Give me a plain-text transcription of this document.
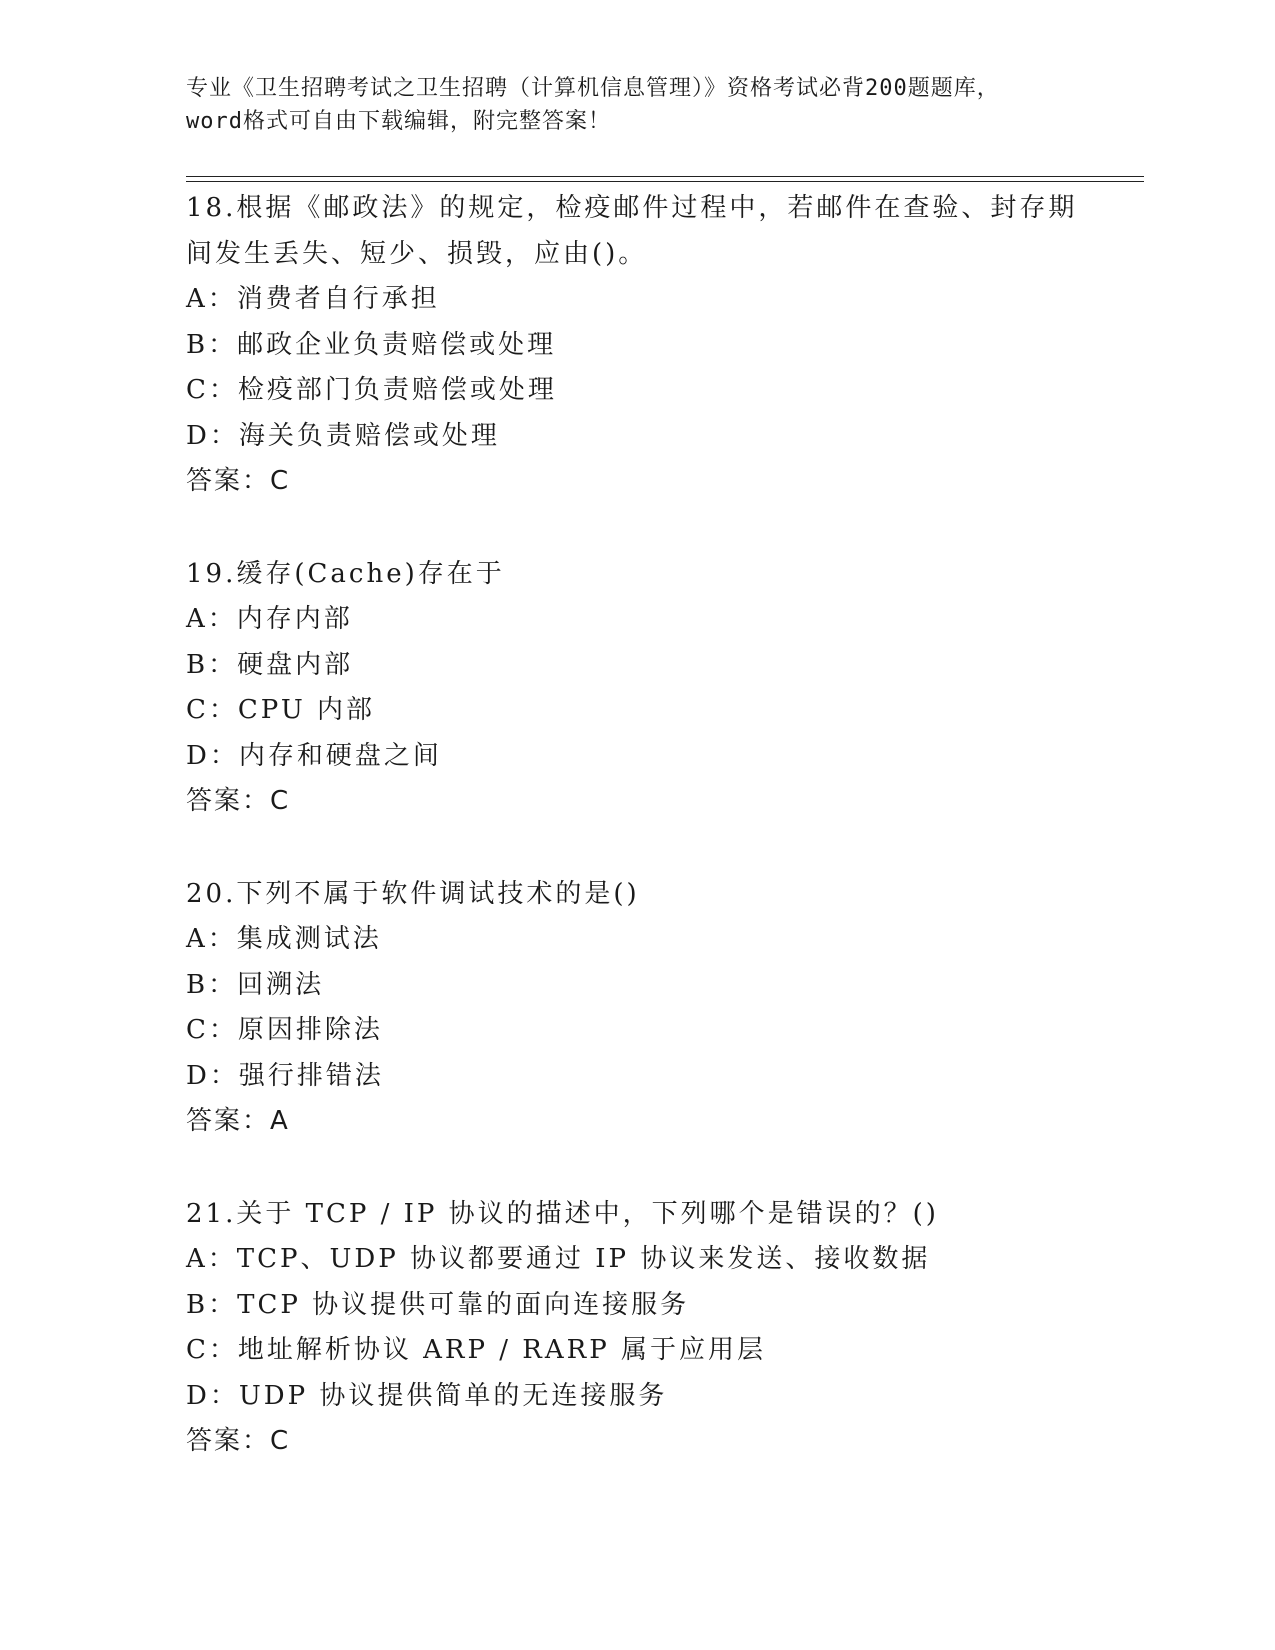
专业《卫生招聘考试之卫生招聘（计算机信息管理）》资格考试必背200题题库，
word格式可自由下载编辑，附完整答案！
18.根据《邮政法》的规定，检疫邮件过程中，若邮件在查验、封存期
间发生丢失、短少、损毁，应由()。
A：消费者自行承担
B：邮政企业负责赔偿或处理
C：检疫部门负责赔偿或处理
D：海关负责赔偿或处理
答案：C
19.缓存(Cache)存在于
A：内存内部
B：硬盘内部
C：CPU 内部
D：内存和硬盘之间
答案：C
20.下列不属于软件调试技术的是()
A：集成测试法
B：回溯法
C：原因排除法
D：强行排错法
答案：A
21.关于 TCP / IP 协议的描述中，下列哪个是错误的？()
A：TCP、UDP 协议都要通过 IP 协议来发送、接收数据
B：TCP 协议提供可靠的面向连接服务
C：地址解析协议 ARP / RARP 属于应用层
D：UDP 协议提供简单的无连接服务
答案：C
